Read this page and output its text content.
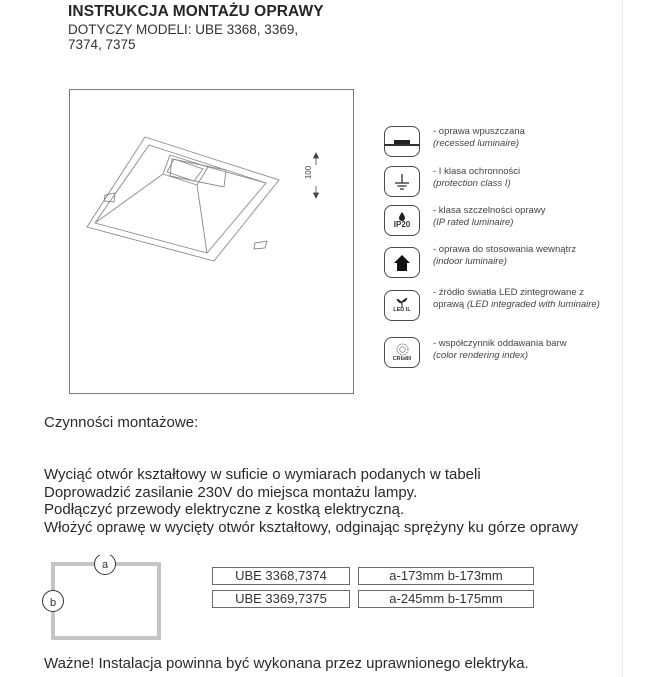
INSTRUKCJA MONTAŻU OPRAWY
DOTYCZY MODELI: UBE 3368, 3369, 7374, 7375
100
- oprawa wpuszczana
(recessed luminaire)
- I klasa ochronności
(protection class I)
IP20
- klasa szczelności oprawy
(IP rated luminaire)
- oprawa do stosowania wewnątrz (indoor luminaire)
LED IL
- źródło światła LED zintegrowane z oprawą (LED integraded with luminaire)
CRI≥80
- współczynnik oddawania barw
(color rendering index)
Czynności montażowe:
Wyciąć otwór kształtowy w suficie o wymiarach podanych w tabeli
Doprowadzić zasilanie 230V do miejsca montażu lampy.
Podłączyć przewody elektryczne z kostką elektryczną.
Włożyć oprawę w wycięty otwór kształtowy, odginając sprężyny ku górze oprawy
a
b
UBE 3368,7374	a-173mm b-173mm
UBE 3369,7375	a-245mm b-175mm
Ważne! Instalacja powinna być wykonana przez uprawnionego elektryka.
